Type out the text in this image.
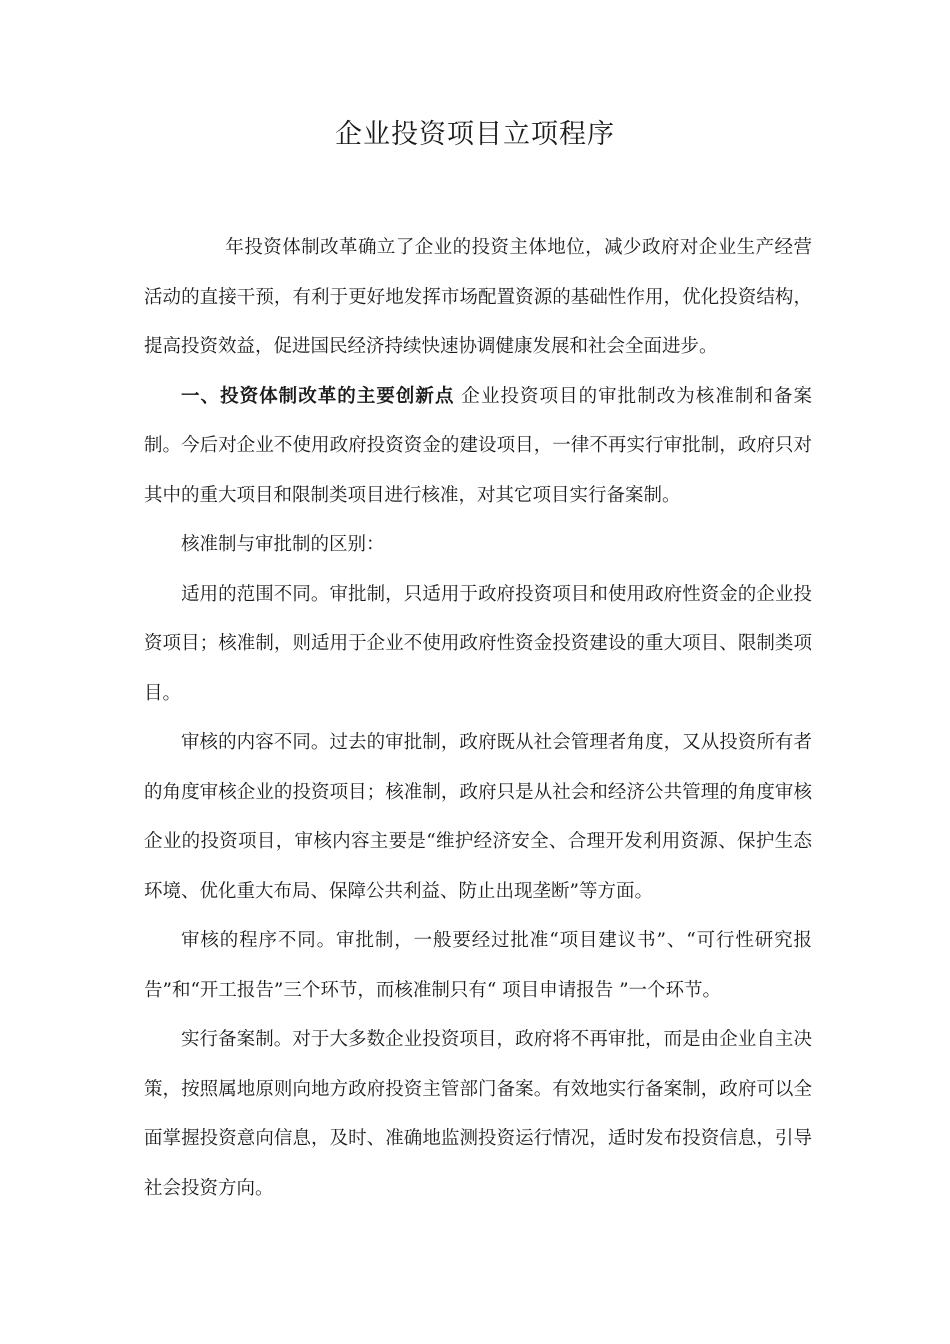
企业投资项目立项程序

年投资体制改革确立了企业的投资主体地位，减少政府对企业生产经营活动的直接干预，有利于更好地发挥市场配置资源的基础性作用，优化投资结构，提高投资效益，促进国民经济持续快速协调健康发展和社会全面进步。

一、投资体制改革的主要创新点 企业投资项目的审批制改为核准制和备案制。今后对企业不使用政府投资资金的建设项目，一律不再实行审批制，政府只对其中的重大项目和限制类项目进行核准，对其它项目实行备案制。

核准制与审批制的区别：

适用的范围不同。审批制，只适用于政府投资项目和使用政府性资金的企业投资项目；核准制，则适用于企业不使用政府性资金投资建设的重大项目、限制类项目。

审核的内容不同。过去的审批制，政府既从社会管理者角度，又从投资所有者的角度审核企业的投资项目；核准制，政府只是从社会和经济公共管理的角度审核企业的投资项目，审核内容主要是“维护经济安全、合理开发利用资源、保护生态环境、优化重大布局、保障公共利益、防止出现垄断”等方面。

审核的程序不同。审批制，一般要经过批准“项目建议书”、“可行性研究报告”和“开工报告”三个环节，而核准制只有“ 项目申请报告 ”一个环节。

实行备案制。对于大多数企业投资项目，政府将不再审批，而是由企业自主决策，按照属地原则向地方政府投资主管部门备案。有效地实行备案制，政府可以全面掌握投资意向信息，及时、准确地监测投资运行情况，适时发布投资信息，引导社会投资方向。
